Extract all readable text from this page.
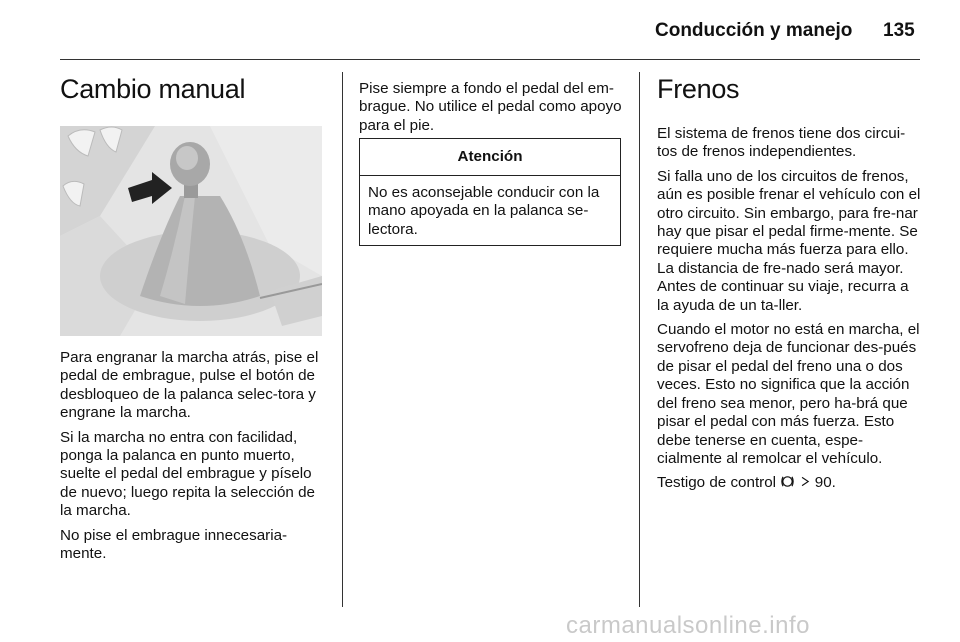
Conducción y manejo 135
Cambio manual

Para engranar la marcha atrás, pise el pedal de embrague, pulse el botón de desbloqueo de la palanca selec-tora y engrane la marcha.

Si la marcha no entra con facilidad, ponga la palanca en punto muerto, suelte el pedal del embrague y píselo de nuevo; luego repita la selección de la marcha.

No pise el embrague innecesaria-mente.

Pise siempre a fondo el pedal del em-brague. No utilice el pedal como apoyo para el pie.

Atención
No es aconsejable conducir con la mano apoyada en la palanca se-lectora.
Frenos

El sistema de frenos tiene dos circui-tos de frenos independientes.

Si falla uno de los circuitos de frenos, aún es posible frenar el vehículo con el otro circuito. Sin embargo, para fre-nar hay que pisar el pedal firme-mente. Se requiere mucha más fuerza para ello. La distancia de fre-nado será mayor. Antes de continuar su viaje, recurra a la ayuda de un ta-ller.

Cuando el motor no está en marcha, el servofreno deja de funcionar des-pués de pisar el pedal del freno una o dos veces. Esto no significa que la acción del freno sea menor, pero ha-brá que pisar el pedal con más fuerza. Esto debe tenerse en cuenta, espe-cialmente al remolcar el vehículo.

Testigo de control	90.

carmanualsonline.info
